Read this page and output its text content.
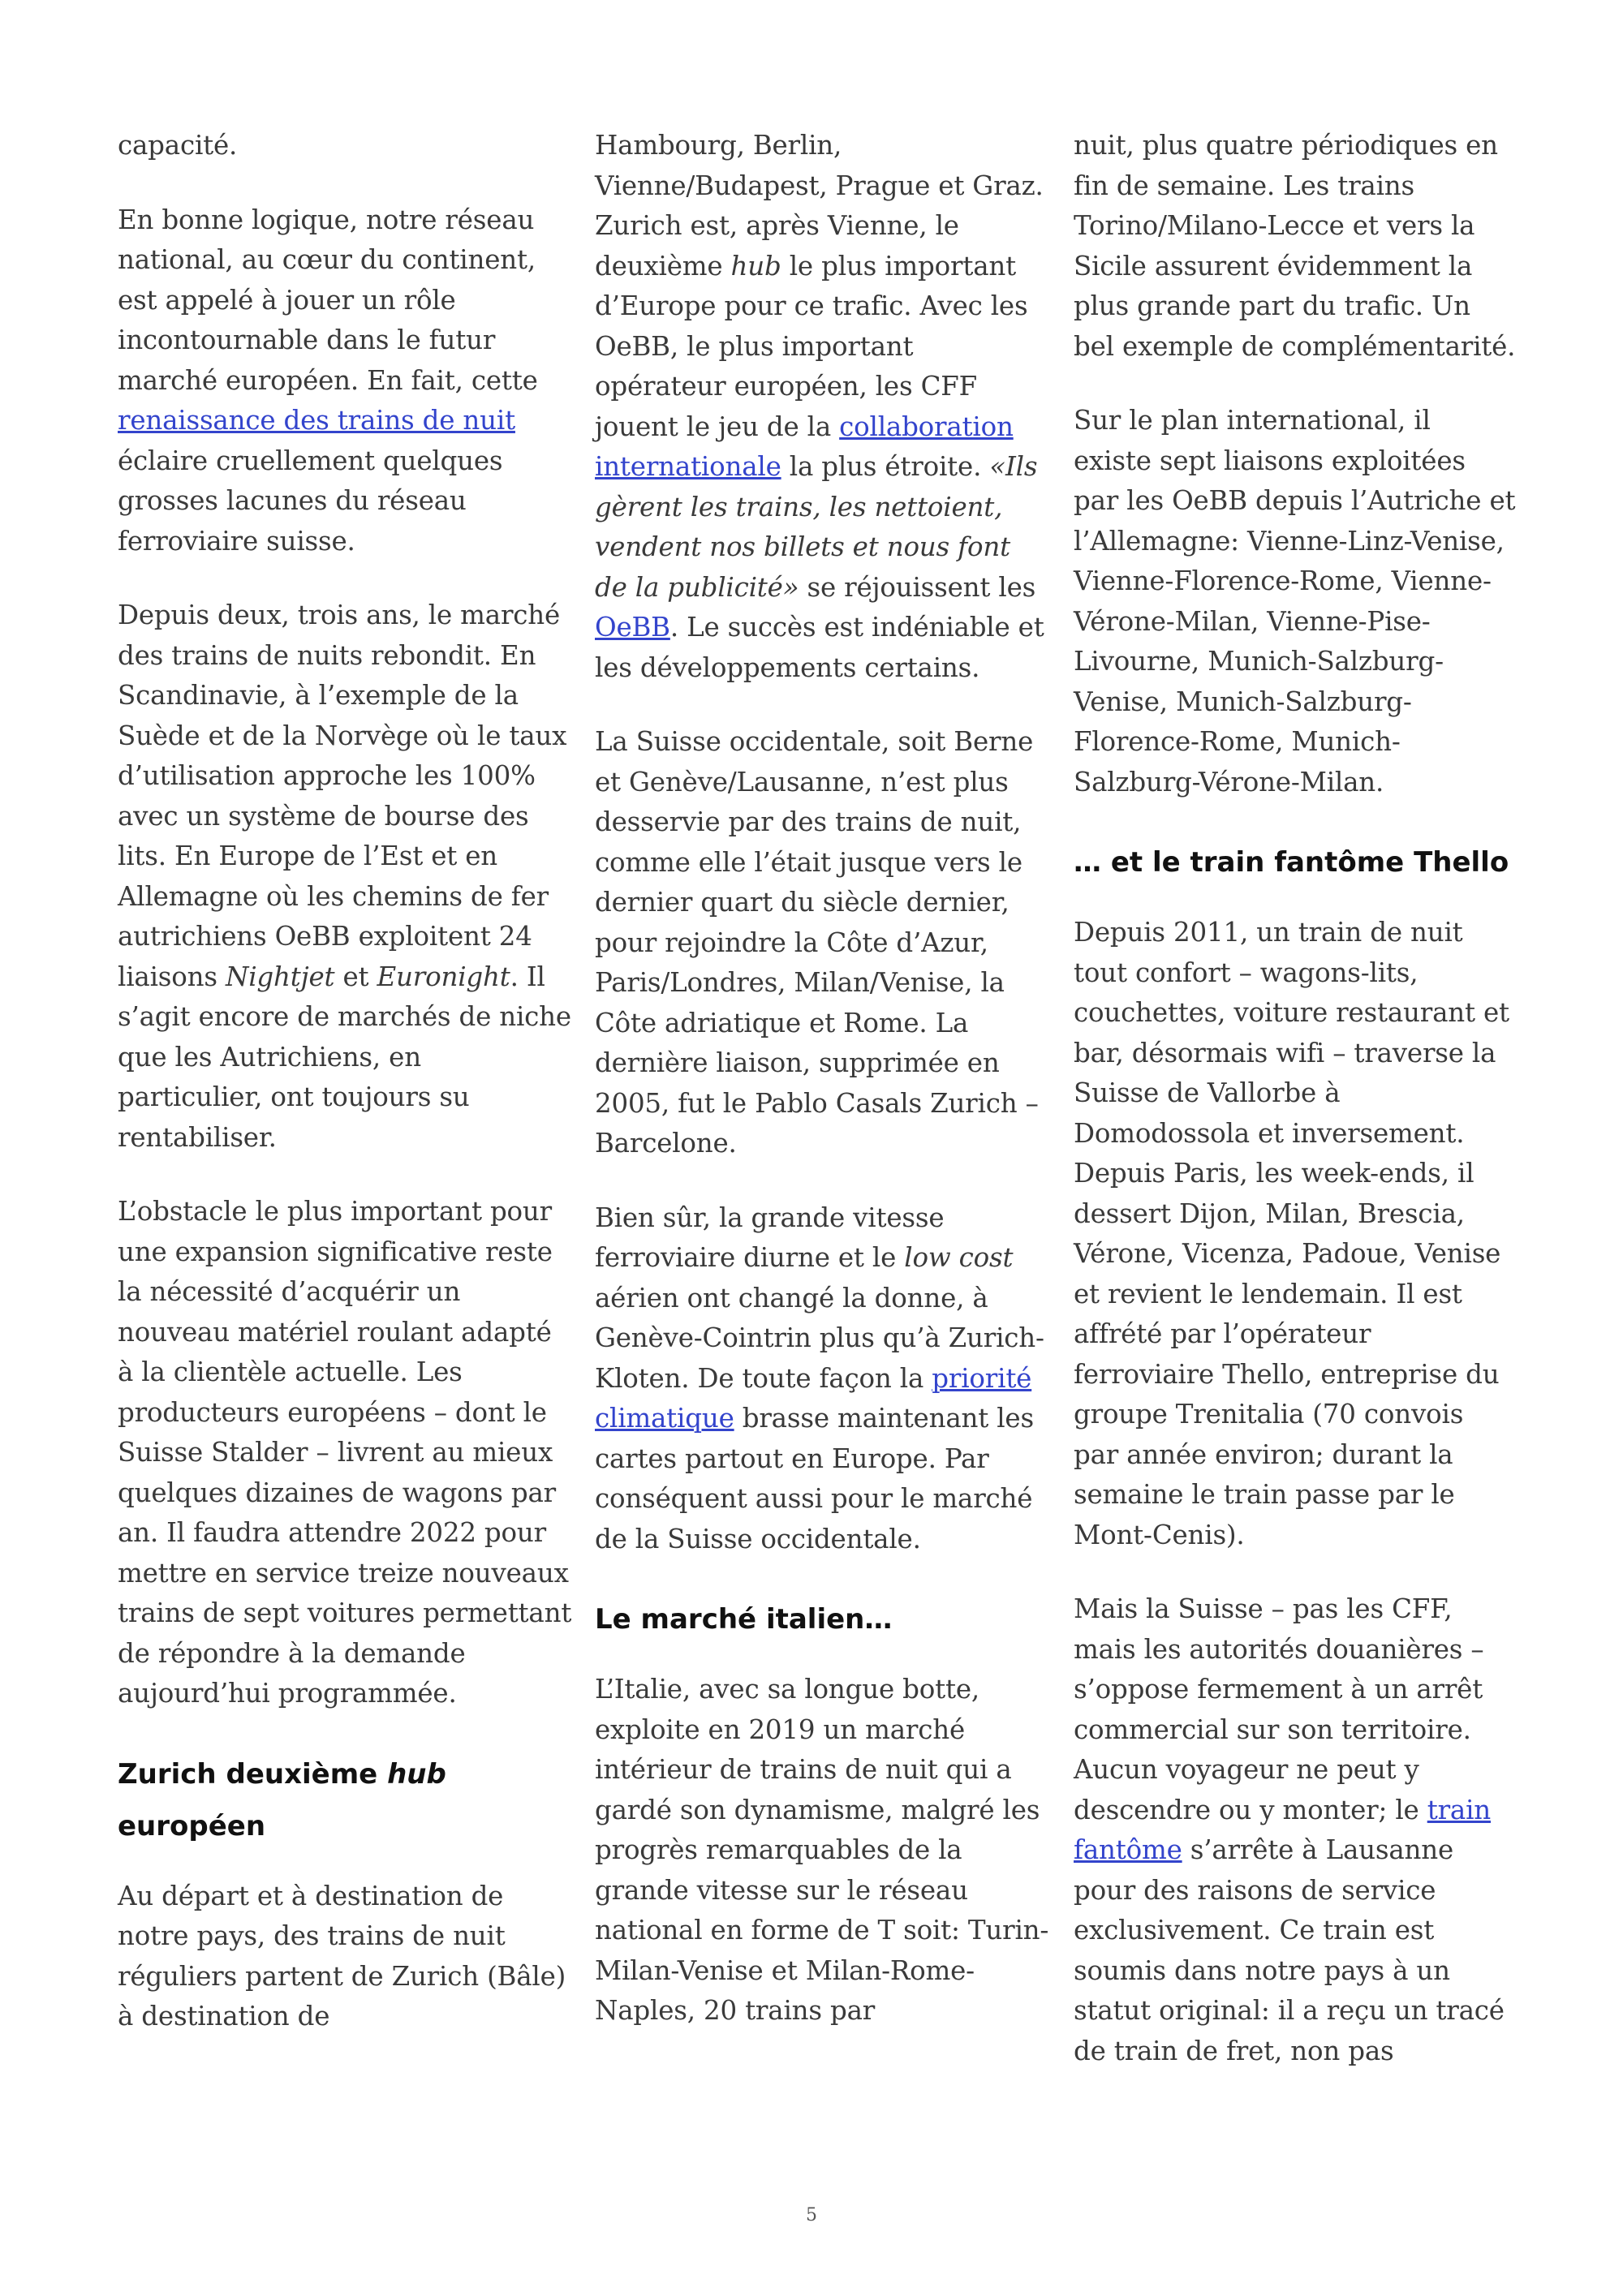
capacité.

En bonne logique, notre réseau national, au cœur du continent, est appelé à jouer un rôle incontournable dans le futur marché européen. En fait, cette renaissance des trains de nuit éclaire cruellement quelques grosses lacunes du réseau ferroviaire suisse.

Depuis deux, trois ans, le marché des trains de nuits rebondit. En Scandinavie, à l’exemple de la Suède et de la Norvège où le taux d’utilisation approche les 100% avec un système de bourse des lits. En Europe de l’Est et en Allemagne où les chemins de fer autrichiens OeBB exploitent 24 liaisons Nightjet et Euronight. Il s’agit encore de marchés de niche que les Autrichiens, en particulier, ont toujours su rentabiliser.

L’obstacle le plus important pour une expansion significative reste la nécessité d’acquérir un nouveau matériel roulant adapté à la clientèle actuelle. Les producteurs européens – dont le Suisse Stalder – livrent au mieux quelques dizaines de wagons par an. Il faudra attendre 2022 pour mettre en service treize nouveaux trains de sept voitures permettant de répondre à la demande aujourd’hui programmée.

Zurich deuxième hub européen

Au départ et à destination de notre pays, des trains de nuit réguliers partent de Zurich (Bâle) à destination de

Hambourg, Berlin, Vienne/Budapest, Prague et Graz. Zurich est, après Vienne, le deuxième hub le plus important d’Europe pour ce trafic. Avec les OeBB, le plus important opérateur européen, les CFF jouent le jeu de la collaboration internationale la plus étroite. «Ils gèrent les trains, les nettoient, vendent nos billets et nous font de la publicité» se réjouissent les OeBB. Le succès est indéniable et les développements certains.

La Suisse occidentale, soit Berne et Genève/Lausanne, n’est plus desservie par des trains de nuit, comme elle l’était jusque vers le dernier quart du siècle dernier, pour rejoindre la Côte d’Azur, Paris/Londres, Milan/Venise, la Côte adriatique et Rome. La dernière liaison, supprimée en 2005, fut le Pablo Casals Zurich – Barcelone.

Bien sûr, la grande vitesse ferroviaire diurne et le low cost aérien ont changé la donne, à Genève-Cointrin plus qu’à Zurich-Kloten. De toute façon la priorité climatique brasse maintenant les cartes partout en Europe. Par conséquent aussi pour le marché de la Suisse occidentale.

Le marché italien…

L’Italie, avec sa longue botte, exploite en 2019 un marché intérieur de trains de nuit qui a gardé son dynamisme, malgré les progrès remarquables de la grande vitesse sur le réseau national en forme de T soit: Turin-Milan-Venise et Milan-Rome-Naples, 20 trains par

nuit, plus quatre périodiques en fin de semaine. Les trains Torino/Milano-Lecce et vers la Sicile assurent évidemment la plus grande part du trafic. Un bel exemple de complémentarité.

Sur le plan international, il existe sept liaisons exploitées par les OeBB depuis l’Autriche et l’Allemagne: Vienne-Linz-Venise, Vienne-Florence-Rome, Vienne-Vérone-Milan, Vienne-Pise-Livourne, Munich-Salzburg-Venise, Munich-Salzburg-Florence-Rome, Munich-Salzburg-Vérone-Milan.

… et le train fantôme Thello

Depuis 2011, un train de nuit tout confort – wagons-lits, couchettes, voiture restaurant et bar, désormais wifi – traverse la Suisse de Vallorbe à Domodossola et inversement. Depuis Paris, les week-ends, il dessert Dijon, Milan, Brescia, Vérone, Vicenza, Padoue, Venise et revient le lendemain. Il est affrété par l’opérateur ferroviaire Thello, entreprise du groupe Trenitalia (70 convois par année environ; durant la semaine le train passe par le Mont-Cenis).

Mais la Suisse – pas les CFF, mais les autorités douanières – s’oppose fermement à un arrêt commercial sur son territoire. Aucun voyageur ne peut y descendre ou y monter; le train fantôme s’arrête à Lausanne pour des raisons de service exclusivement. Ce train est soumis dans notre pays à un statut original: il a reçu un tracé de train de fret, non pas

5
